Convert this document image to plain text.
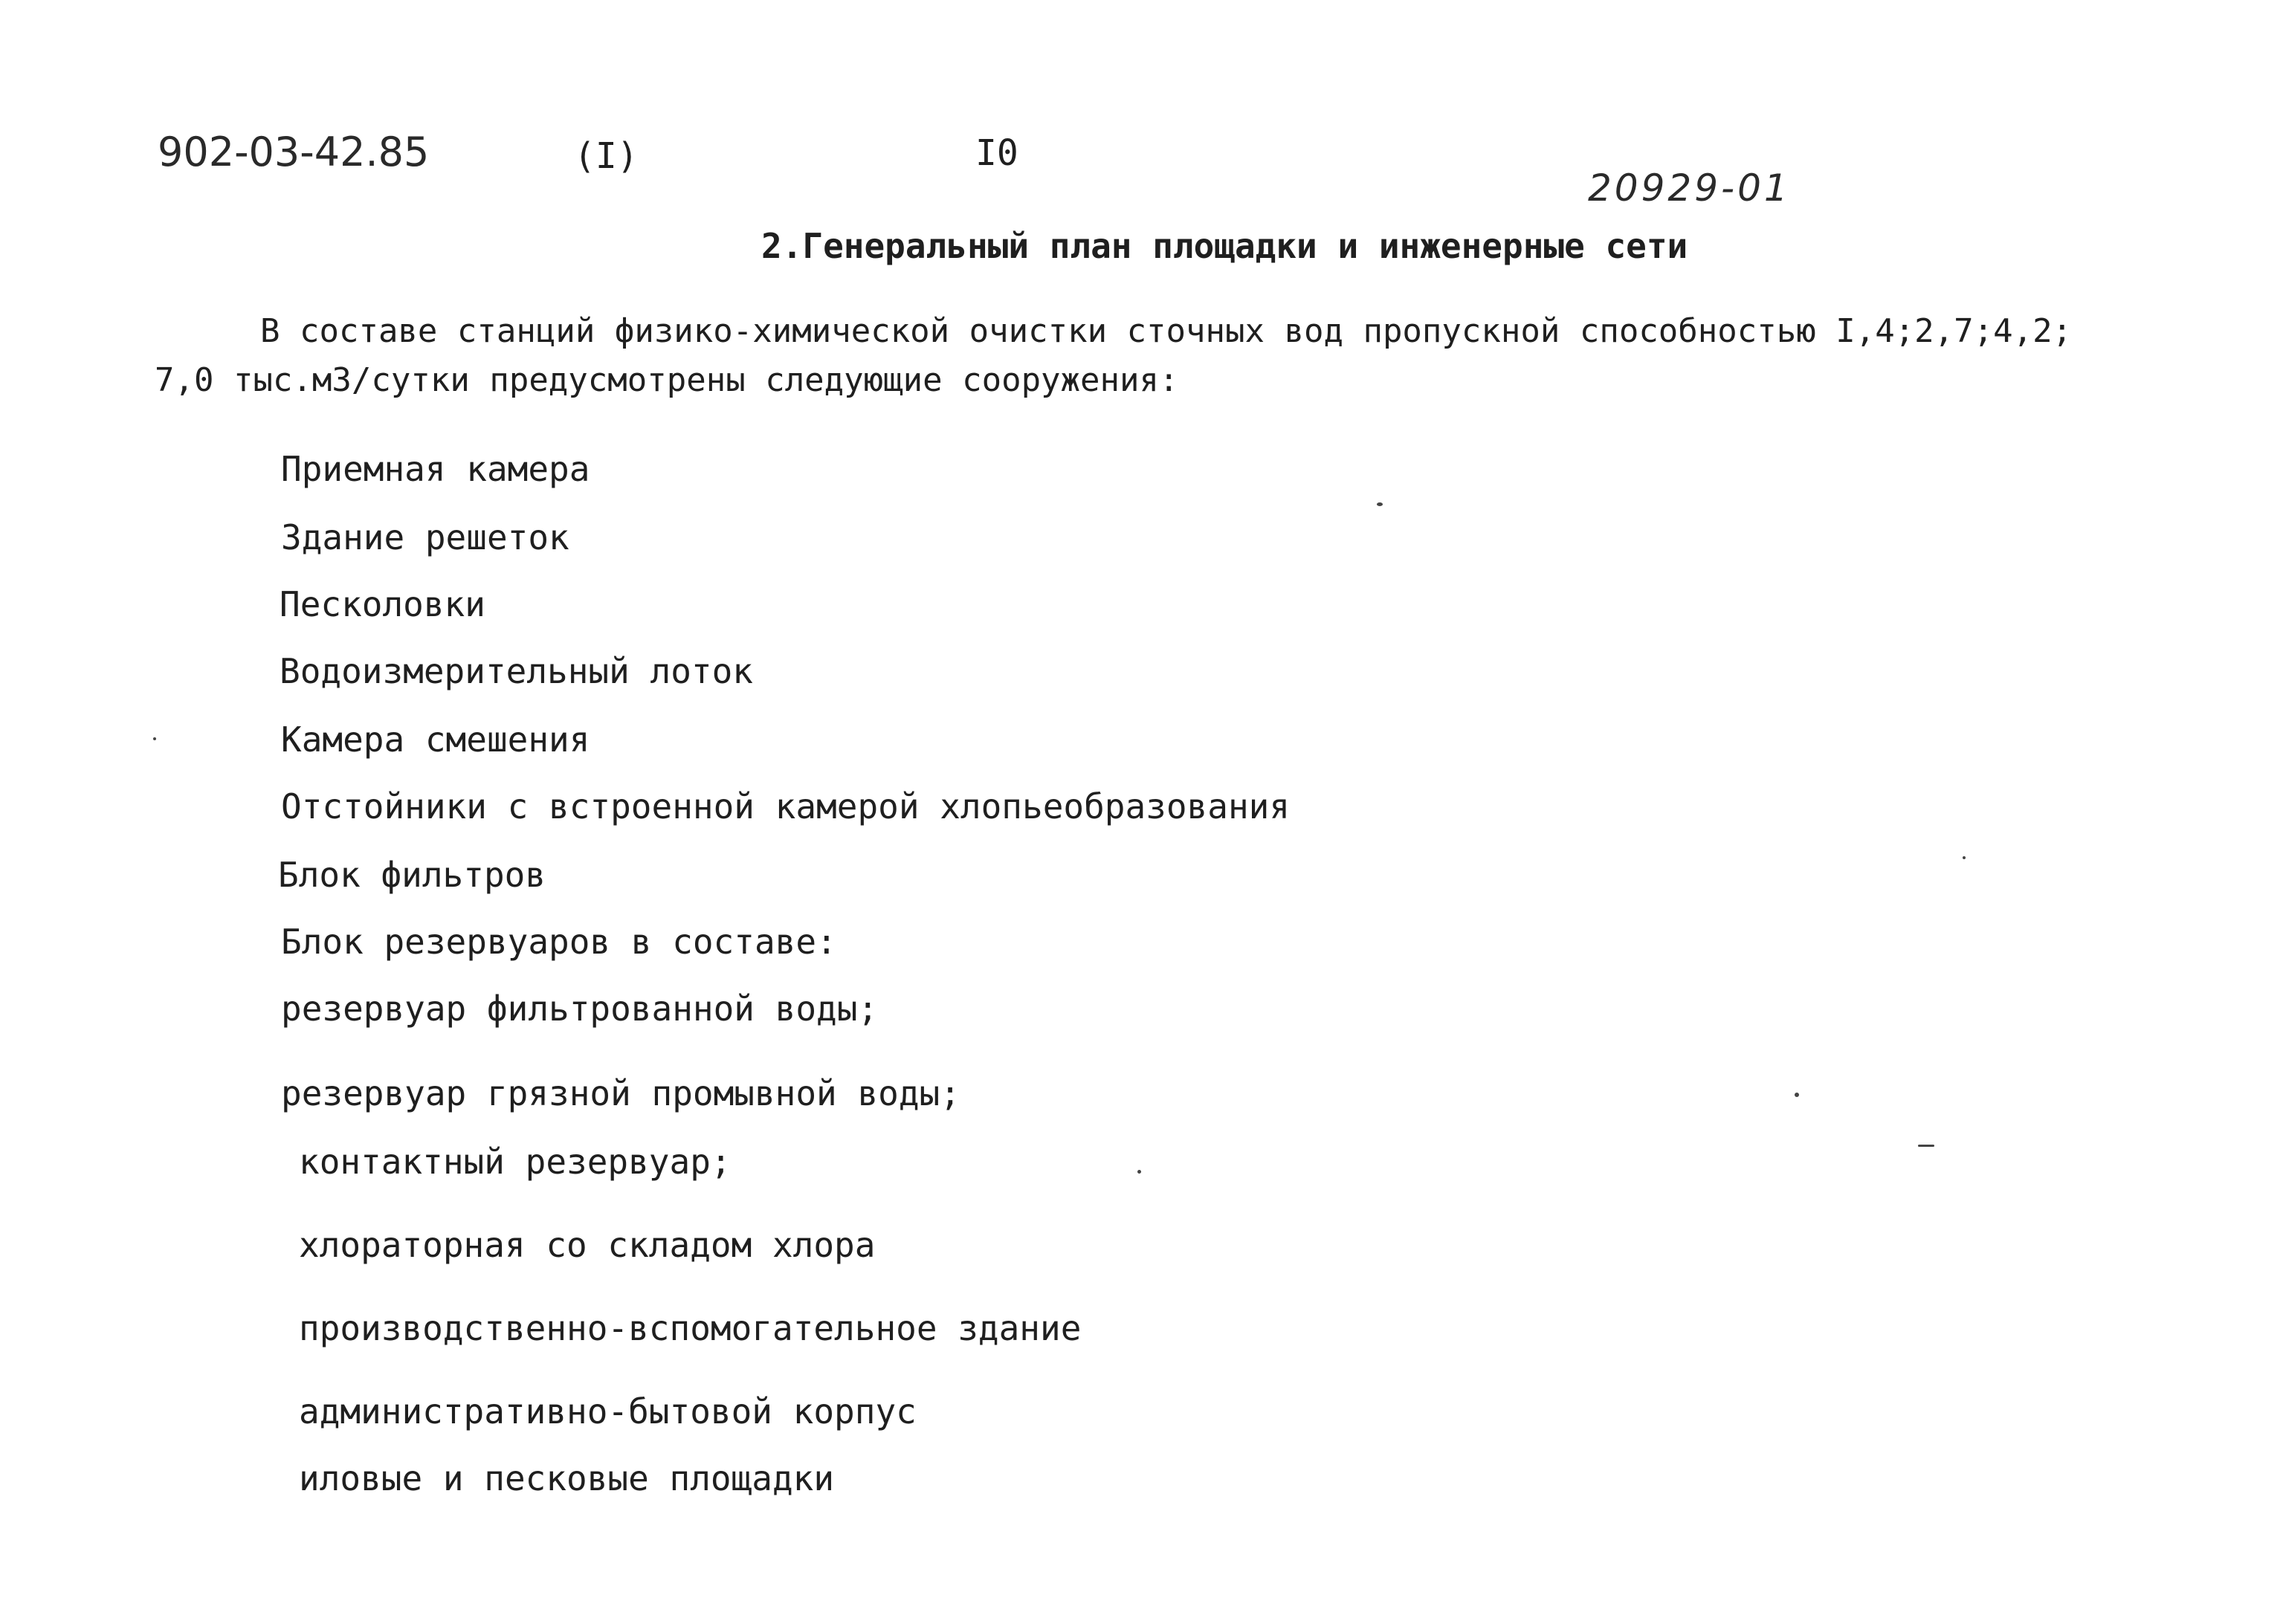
902-03-42.85	(I)	I0
20929-01
2.Генеральный план площадки и инженерные сети
В составе станций физико-химической очистки сточных вод пропускной способностью I,4;2,7;4,2;
7,0 тыс.м3/сутки предусмотрены следующие сооружения:
Приемная камера
Здание решеток
Песколовки
Водоизмерительный лоток
Камера смешения
Отстойники с встроенной камерой хлопьеобразования
Блок фильтров
Блок резервуаров в составе:
резервуар фильтрованной воды;
резервуар грязной промывной воды;
контактный резервуар;
хлораторная со складом хлора
производственно-вспомогательное здание
административно-бытовой корпус
иловые и песковые площадки
